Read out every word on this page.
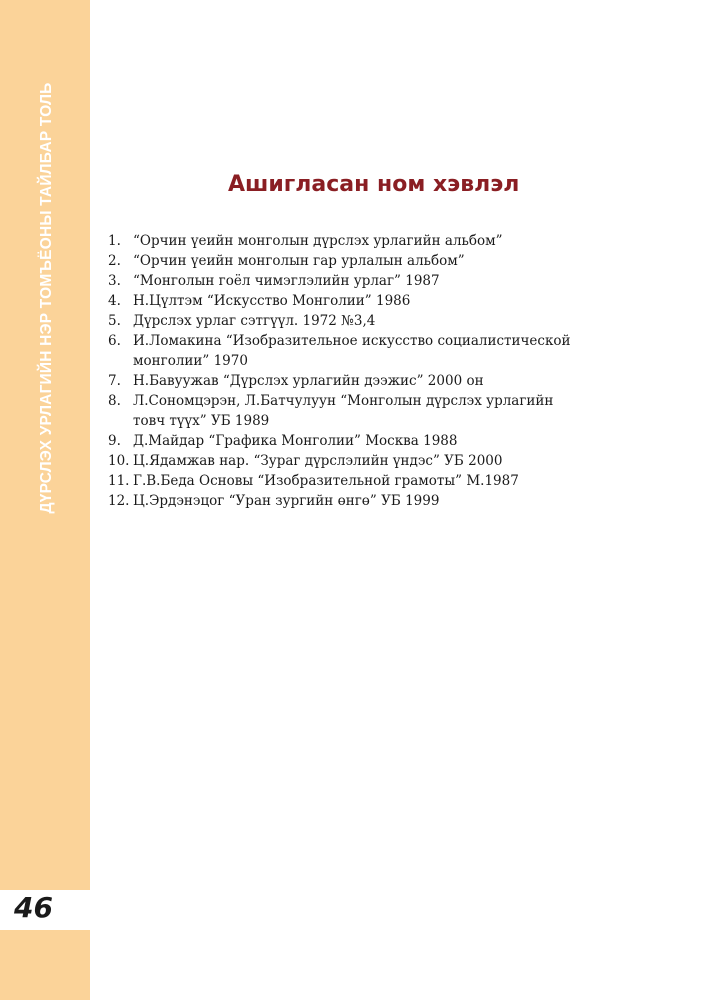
ДҮРСЛЭХ УРЛАГИЙН НЭР ТОМЪЁОНЫ ТАЙЛБАР ТОЛЬ
46
Ашигласан ном хэвлэл
1. “Орчин үеийн монголын дүрслэх урлагийн альбом”
2. “Орчин үеийн монголын гар урлалын альбом”
3. “Монголын гоёл чимэглэлийн урлаг” 1987
4. Н.Цүлтэм “Искусство Монголии” 1986
5. Дүрслэх урлаг сэтгүүл. 1972 №3,4
6. И.Ломакина “Изобразительное искусство социалистической монголии” 1970
7. Н.Бавуужав “Дүрслэх урлагийн дээжис” 2000 он
8. Л.Сономцэрэн, Л.Батчулуун “Монголын дүрслэх урлагийн товч түүх” УБ 1989
9. Д.Майдар “Графика Монголии” Москва 1988
10. Ц.Ядамжав нар. “Зураг дүрслэлийн үндэс” УБ 2000
11. Г.В.Беда Основы “Изобразительной грамоты” М.1987
12. Ц.Эрдэнэцог “Уран зургийн өнгө” УБ 1999
